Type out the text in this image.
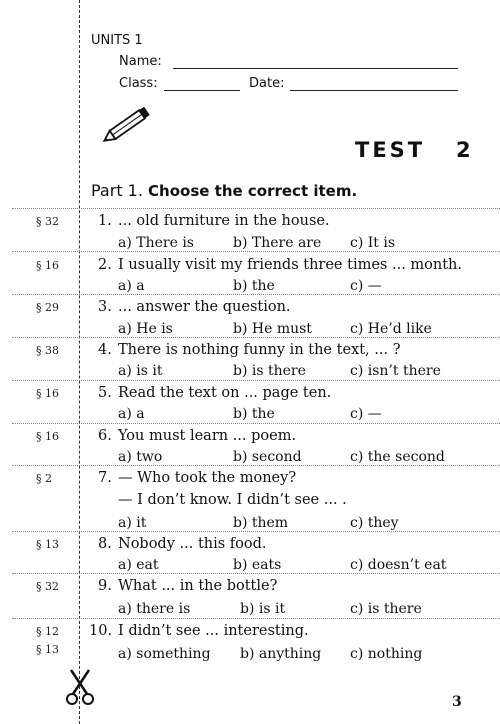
UNITS 1
Name:
Class:	Date:
TEST   2
Part 1. Choose the correct item.
§ 32	1. ... old furniture in the house.
a) There is	b) There are c) It is
§ 16	2. I usually visit my friends three times ... month.
a) a	b) the	c) —
§ 29	3. ... answer the question.
a) He is	b) He must	c) He’d like
§ 38	4. There is nothing funny in the text, ... ?
a) is it	b) is there	c) isn’t there
§ 16	5. Read the text on ... page ten.
a) a	b) the	c) —
§ 16	6. You must learn ... poem.
a) two	b) second	c) the second
§ 2	7. — Who took the money?
— I don’t know. I didn’t see ... .
a) it	b) them	c) they
§ 13	8. Nobody ... this food.
a) eat	b) eats	c) doesn’t eat
§ 32	9. What ... in the bottle?
a) there is	b) is it	c) is there
§ 12
§ 13
10. I didn’t see ... interesting.
a) something b) anything c) nothing
3
